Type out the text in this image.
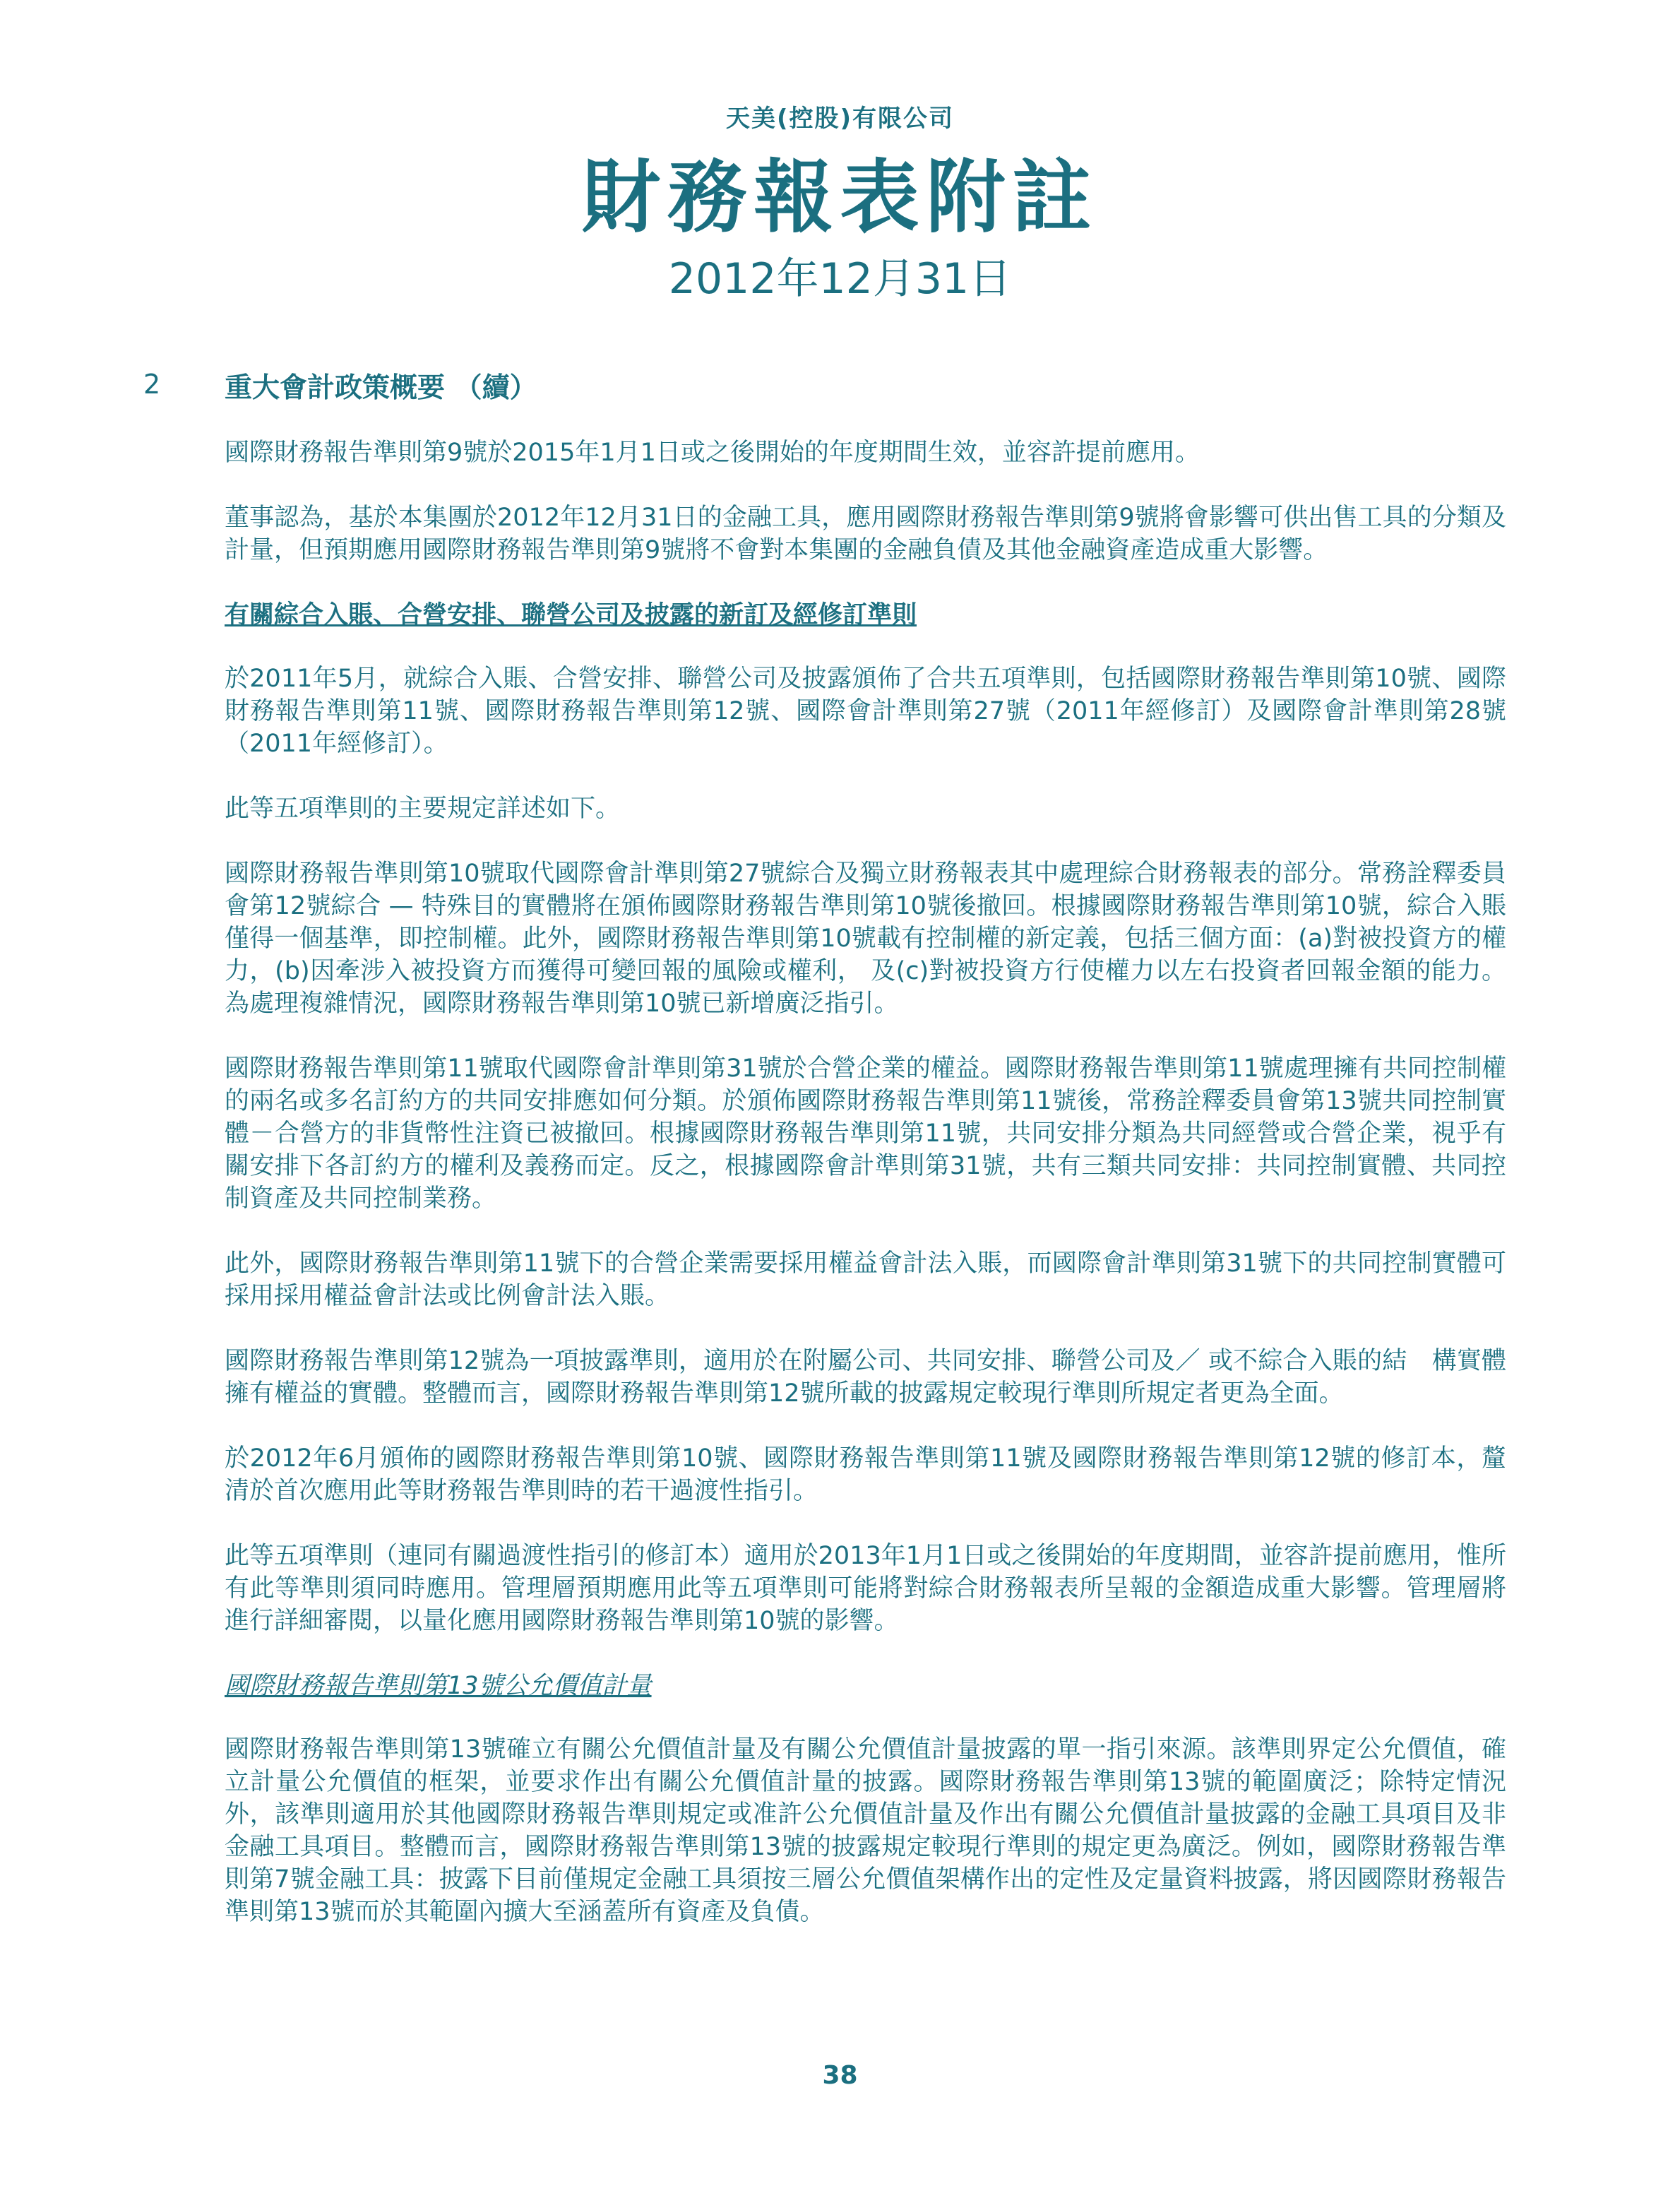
天美(控股)有限公司
財務報表附註
2012年12月31日
2 重大會計政策概要 （續）

國際財務報告準則第9號於2015年1月1日或之後開始的年度期間生效，並容許提前應用。

董事認為，基於本集團於2012年12月31日的金融工具，應用國際財務報告準則第9號將會影響可供出售工具的分類及計量，但預期應用國際財務報告準則第9號將不會對本集團的金融負債及其他金融資產造成重大影響。

有關綜合入賬、合營安排、聯營公司及披露的新訂及經修訂準則

於2011年5月，就綜合入賬、合營安排、聯營公司及披露頒佈了合共五項準則，包括國際財務報告準則第10號、國際財務報告準則第11號、國際財務報告準則第12號、國際會計準則第27號（2011年經修訂）及國際會計準則第28號（2011年經修訂）。

此等五項準則的主要規定詳述如下。

國際財務報告準則第10號取代國際會計準則第27號綜合及獨立財務報表其中處理綜合財務報表的部分。常務詮釋委員會第12號綜合 — 特殊目的實體將在頒佈國際財務報告準則第10號後撤回。根據國際財務報告準則第10號，綜合入賬僅得一個基準，即控制權。此外，國際財務報告準則第10號載有控制權的新定義，包括三個方面：(a)對被投資方的權力，(b)因牽涉入被投資方而獲得可變回報的風險或權利， 及(c)對被投資方行使權力以左右投資者回報金額的能力。為處理複雜情況，國際財務報告準則第10號已新增廣泛指引。

國際財務報告準則第11號取代國際會計準則第31號於合營企業的權益。國際財務報告準則第11號處理擁有共同控制權的兩名或多名訂約方的共同安排應如何分類。於頒佈國際財務報告準則第11號後，常務詮釋委員會第13號共同控制實體－合營方的非貨幣性注資已被撤回。根據國際財務報告準則第11號，共同安排分類為共同經營或合營企業，視乎有關安排下各訂約方的權利及義務而定。反之，根據國際會計準則第31號，共有三類共同安排：共同控制實體、共同控制資產及共同控制業務。

此外，國際財務報告準則第11號下的合營企業需要採用權益會計法入賬，而國際會計準則第31號下的共同控制實體可採用採用權益會計法或比例會計法入賬。

國際財務報告準則第12號為一項披露準則，適用於在附屬公司、共同安排、聯營公司及／ 或不綜合入賬的結　構實體擁有權益的實體。整體而言，國際財務報告準則第12號所載的披露規定較現行準則所規定者更為全面。

於2012年6月頒佈的國際財務報告準則第10號、國際財務報告準則第11號及國際財務報告準則第12號的修訂本，釐清於首次應用此等財務報告準則時的若干過渡性指引。

此等五項準則（連同有關過渡性指引的修訂本）適用於2013年1月1日或之後開始的年度期間，並容許提前應用，惟所有此等準則須同時應用。管理層預期應用此等五項準則可能將對綜合財務報表所呈報的金額造成重大影響。管理層將進行詳細審閱，以量化應用國際財務報告準則第10號的影響。

國際財務報告準則第13號公允價值計量

國際財務報告準則第13號確立有關公允價值計量及有關公允價值計量披露的單一指引來源。該準則界定公允價值，確立計量公允價值的框架，並要求作出有關公允價值計量的披露。國際財務報告準則第13號的範圍廣泛；除特定情況外，該準則適用於其他國際財務報告準則規定或准許公允價值計量及作出有關公允價值計量披露的金融工具項目及非金融工具項目。整體而言，國際財務報告準則第13號的披露規定較現行準則的規定更為廣泛。例如，國際財務報告準則第7號金融工具：披露下目前僅規定金融工具須按三層公允價值架構作出的定性及定量資料披露，將因國際財務報告準則第13號而於其範圍內擴大至涵蓋所有資產及負債。

38
